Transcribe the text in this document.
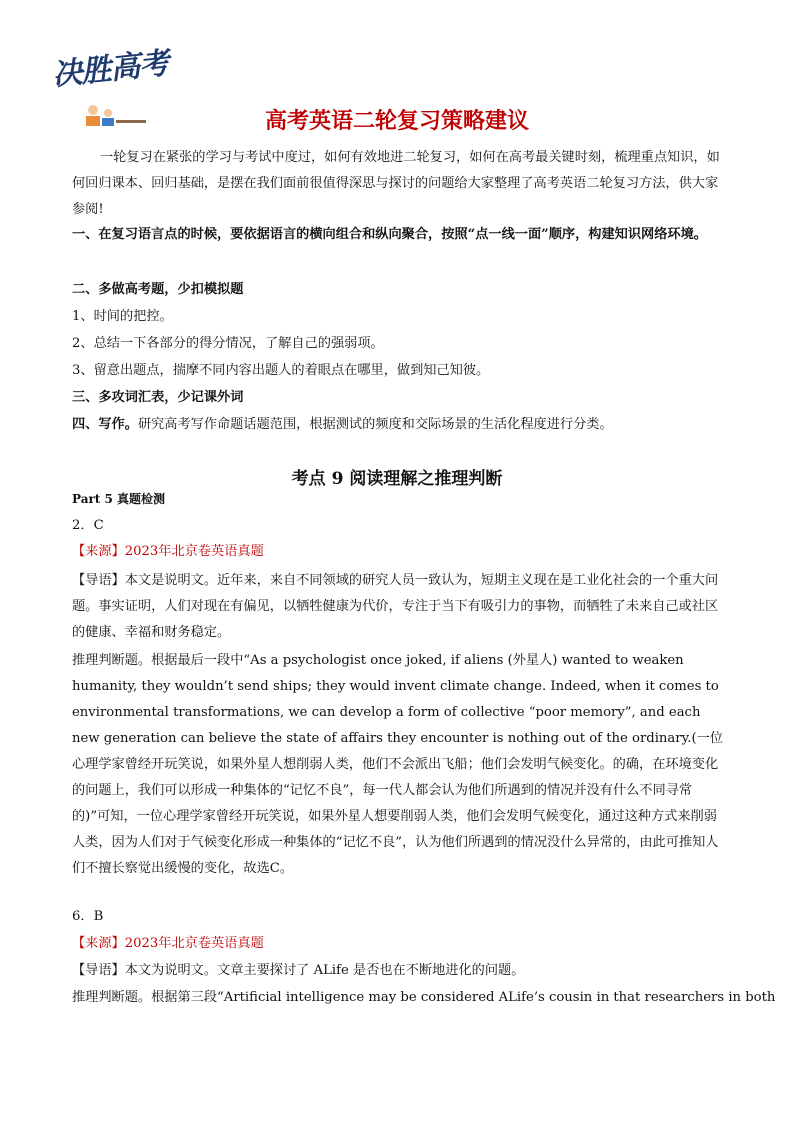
决胜高考
高考英语二轮复习策略建议

一轮复习在紧张的学习与考试中度过，如何有效地进二轮复习，如何在高考最关键时刻，梳理重点知识，如何回归课本、回归基础，是摆在我们面前很值得深思与探讨的问题给大家整理了高考英语二轮复习方法，供大家参阅!

一、在复习语言点的时候，要依据语言的横向组合和纵向聚合，按照“点一线一面”顺序，构建知识网络环境。

二、多做高考题，少扣模拟题

1、时间的把控。

2、总结一下各部分的得分情况，了解自己的强弱项。

3、留意出题点，揣摩不同内容出题人的着眼点在哪里，做到知己知彼。

三、多攻词汇表，少记课外词

四、写作。研究高考写作命题话题范围，根据测试的频度和交际场景的生活化程度进行分类。

考点 9 阅读理解之推理判断

Part 5 真题检测

2．C

【来源】2023年北京卷英语真题

【导语】本文是说明文。近年来，来自不同领域的研究人员一致认为，短期主义现在是工业化社会的一个重大问题。事实证明，人们对现在有偏见，以牺牲健康为代价，专注于当下有吸引力的事物，而牺牲了未来自己或社区的健康、幸福和财务稳定。

推理判断题。根据最后一段中“As a psychologist once joked, if aliens (外星人) wanted to weaken humanity, they wouldn’t send ships; they would invent climate change. Indeed, when it comes to environmental transformations, we can develop a form of collective “poor memory”, and each new generation can believe the state of affairs they encounter is nothing out of the ordinary.(一位心理学家曾经开玩笑说，如果外星人想削弱人类，他们不会派出飞船；他们会发明气候变化。的确，在环境变化的问题上，我们可以形成一种集体的“记忆不良”，每一代人都会认为他们所遇到的情况并没有什么不同寻常的)”可知，一位心理学家曾经开玩笑说，如果外星人想要削弱人类，他们会发明气候变化，通过这种方式来削弱人类，因为人们对于气候变化形成一种集体的“记忆不良”，认为他们所遇到的情况没什么异常的，由此可推知人们不擅长察觉出缓慢的变化，故选C。

6．B

【来源】2023年北京卷英语真题

【导语】本文为说明文。文章主要探讨了 ALife 是否也在不断地进化的问题。

推理判断题。根据第三段“Artificial intelligence may be considered ALife’s cousin in that researchers in both
